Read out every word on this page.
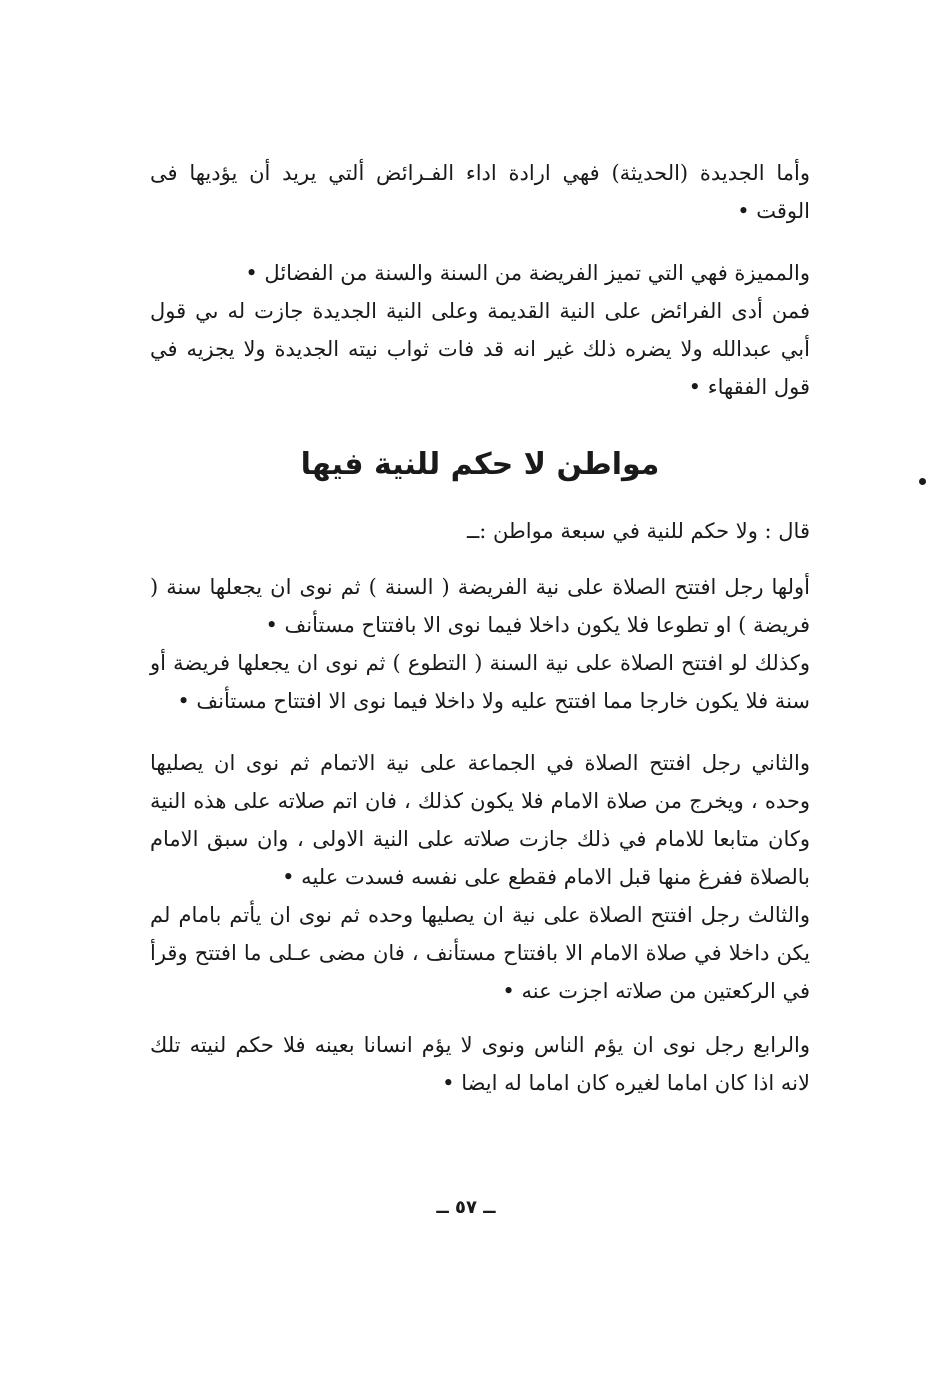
وأما الجديدة (الحديثة) فهي ارادة اداء الفـرائض ألتي يريد أن يؤديها فى الوقت •

والمميزة فهي التي تميز الفريضة من السنة والسنة من الفضائل •

فمن أدى الفرائض على النية القديمة وعلى النية الجديدة جازت له ىي قول أبي عبدالله ولا يضره ذلك غير انه قد فات ثواب نيته الجديدة ولا يجزيه في قول الفقهاء •

مواطن لا حكم للنية فيها

قال : ولا حكم للنية في سبعة مواطن :ــ

أولها رجل افتتح الصلاة على نية الفريضة ( السنة ) ثم نوى ان يجعلها سنة ( فريضة ) او تطوعا فلا يكون داخلا فيما نوى الا بافتتاح مستأنف •

وكذلك لو افتتح الصلاة على نية السنة ( التطوع ) ثم نوى ان يجعلها فريضة أو سنة فلا يكون خارجا مما افتتح عليه ولا داخلا فيما نوى الا افتتاح مستأنف •

والثاني رجل افتتح الصلاة في الجماعة على نية الاتمام ثم نوى ان يصليها وحده ، ويخرج من صلاة الامام فلا يكون كذلك ، فان اتم صلاته على هذه النية وكان متابعا للامام في ذلك جازت صلاته على النية الاولى ، وان سبق الامام بالصلاة ففرغ منها قبل الامام فقطع على نفسه فسدت عليه •

والثالث رجل افتتح الصلاة على نية ان يصليها وحده ثم نوى ان يأتم بامام لم يكن داخلا في صلاة الامام الا بافتتاح مستأنف ، فان مضى عـلى ما افتتح وقرأ في الركعتين من صلاته اجزت عنه •

والرابع رجل نوى ان يؤم الناس ونوى لا يؤم انسانا بعينه فلا حكم لنيته تلك لانه اذا كان اماما لغيره كان اماما له ايضا •

ــ ٥٧ ــ
